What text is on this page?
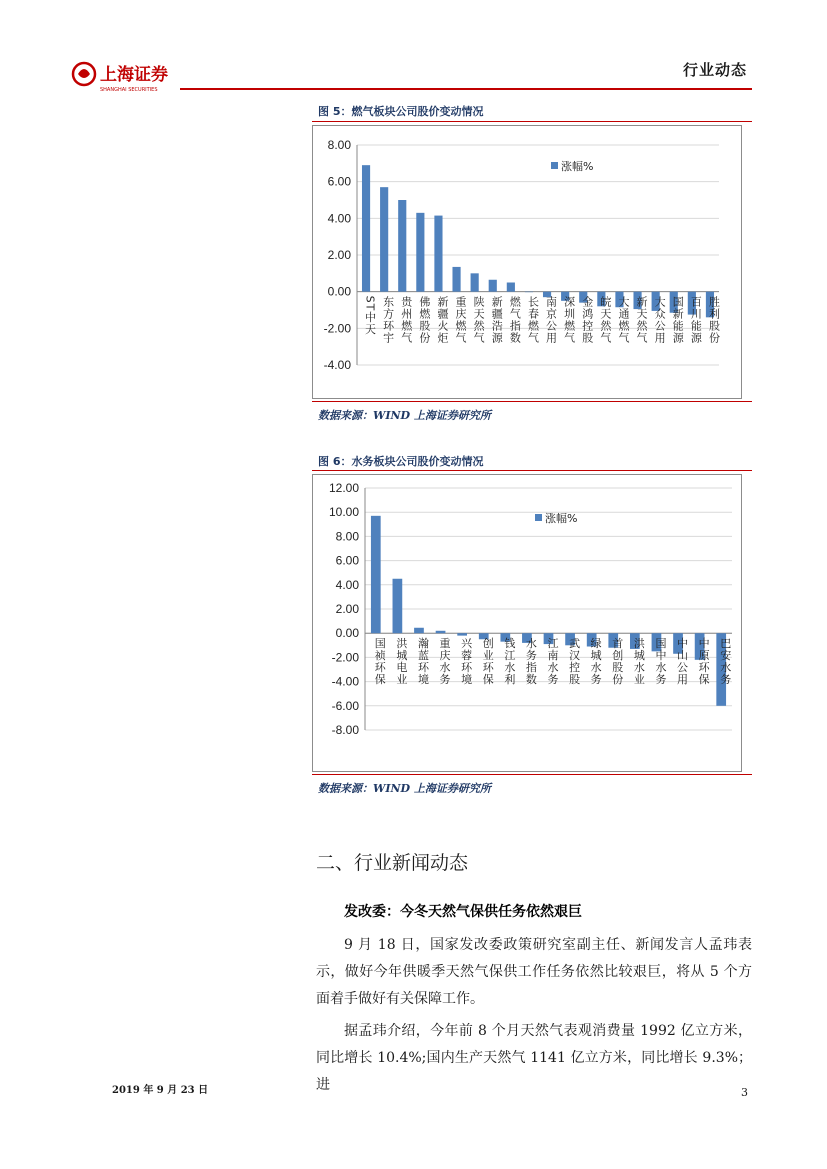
上海证券
SHANGHAI SECURITIES
行业动态
图 5：燃气板块公司股价变动情况
8.00
6.00
4.00
2.00
0.00
-2.00
-4.00
ST中天 东方环宇 贵州燃气 佛燃股份 新疆火炬 重庆燃气 陕天然气 新疆浩源 燃气指数 长春燃气 南京公用 深圳燃气 金鸿控股 皖天然气 大通燃气 新天然气 大众公用 国新能源 百川能源 胜利股份
涨幅%
数据来源：WIND 上海证券研究所
图 6：水务板块公司股价变动情况
12.00
10.00
8.00
6.00
4.00
2.00
0.00
-2.00
-4.00
-6.00
-8.00
国祯环保 洪城电业 瀚蓝环境 重庆水务 兴蓉环境 创业环保 钱江水利 水务指数 江南水务 武汉控股 绿城水务 首创股份 洪城水业 国中水务 中山公用 中原环保 巴安水务
涨幅%
数据来源：WIND 上海证券研究所
二、行业新闻动态
发改委：今冬天然气保供任务依然艰巨
9 月 18 日，国家发改委政策研究室副主任、新闻发言人孟玮表示，做好今年供暖季天然气保供工作任务依然比较艰巨，将从 5 个方面着手做好有关保障工作。
据孟玮介绍，今年前 8 个月天然气表观消费量 1992 亿立方米，同比增长 10.4%;国内生产天然气 1141 亿立方米，同比增长 9.3%；进
2019 年 9 月 23 日	3
